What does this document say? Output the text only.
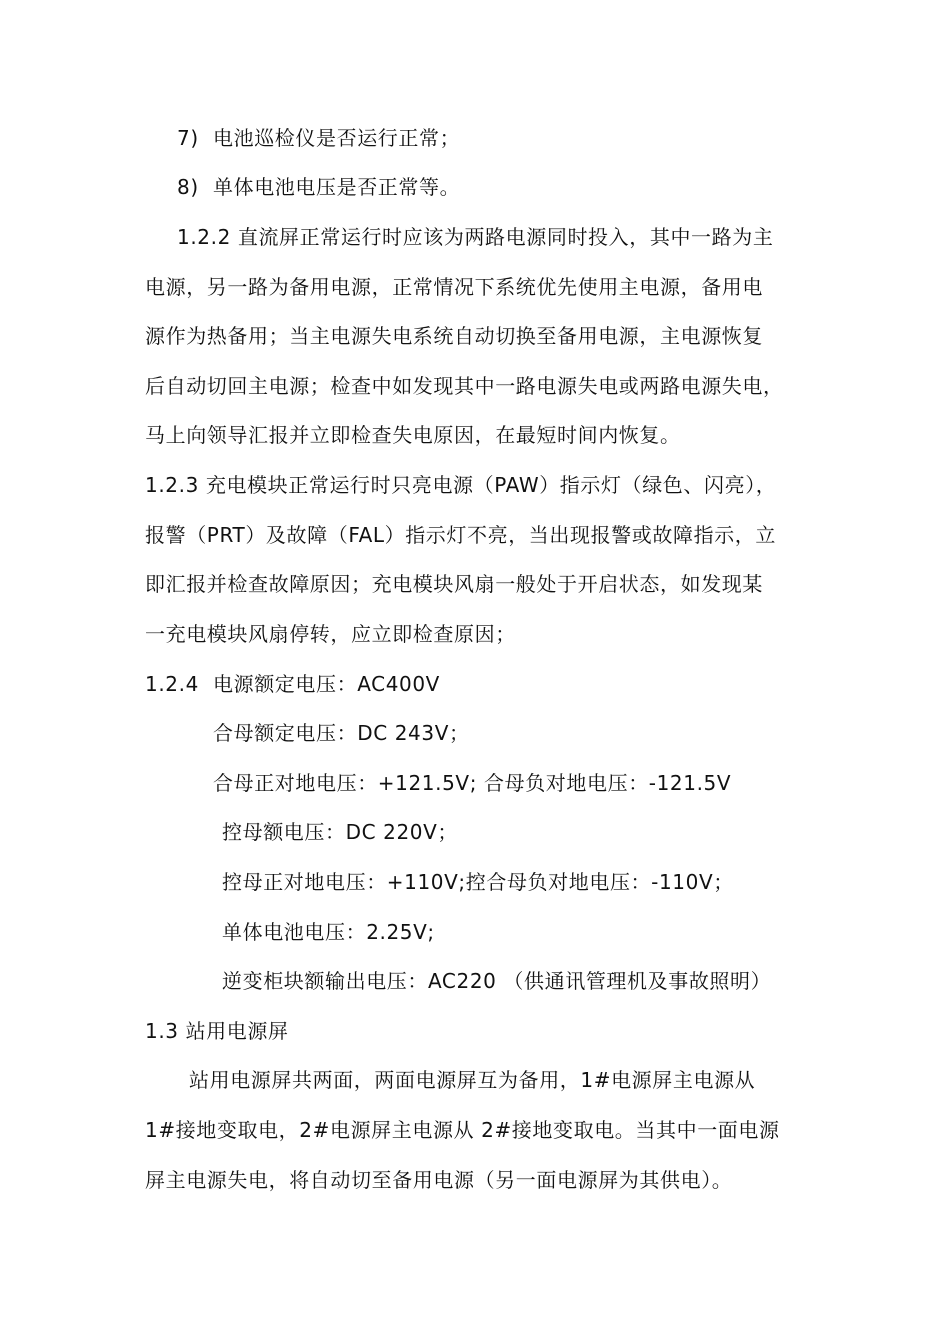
7) 电池巡检仪是否运行正常；
8) 单体电池电压是否正常等。
1.2.2 直流屏正常运行时应该为两路电源同时投入，其中一路为主
电源，另一路为备用电源，正常情况下系统优先使用主电源，备用电
源作为热备用；当主电源失电系统自动切换至备用电源，主电源恢复
后自动切回主电源；检查中如发现其中一路电源失电或两路电源失电，
马上向领导汇报并立即检查失电原因，在最短时间内恢复。
1.2.3 充电模块正常运行时只亮电源（PAW）指示灯（绿色、闪亮），
报警（PRT）及故障（FAL）指示灯不亮，当出现报警或故障指示，立
即汇报并检查故障原因；充电模块风扇一般处于开启状态，如发现某
一充电模块风扇停转，应立即检查原因；
1.2.4 电源额定电压：AC400V
合母额定电压：DC 243V；
合母正对地电压：+121.5V; 合母负对地电压：-121.5V
控母额电压：DC 220V；
控母正对地电压：+110V;控合母负对地电压：-110V；
单体电池电压：2.25V;
逆变柜块额输出电压：AC220 （供通讯管理机及事故照明）
1.3 站用电源屏
站用电源屏共两面，两面电源屏互为备用，1#电源屏主电源从
1#接地变取电，2#电源屏主电源从 2#接地变取电。当其中一面电源
屏主电源失电，将自动切至备用电源（另一面电源屏为其供电）。
